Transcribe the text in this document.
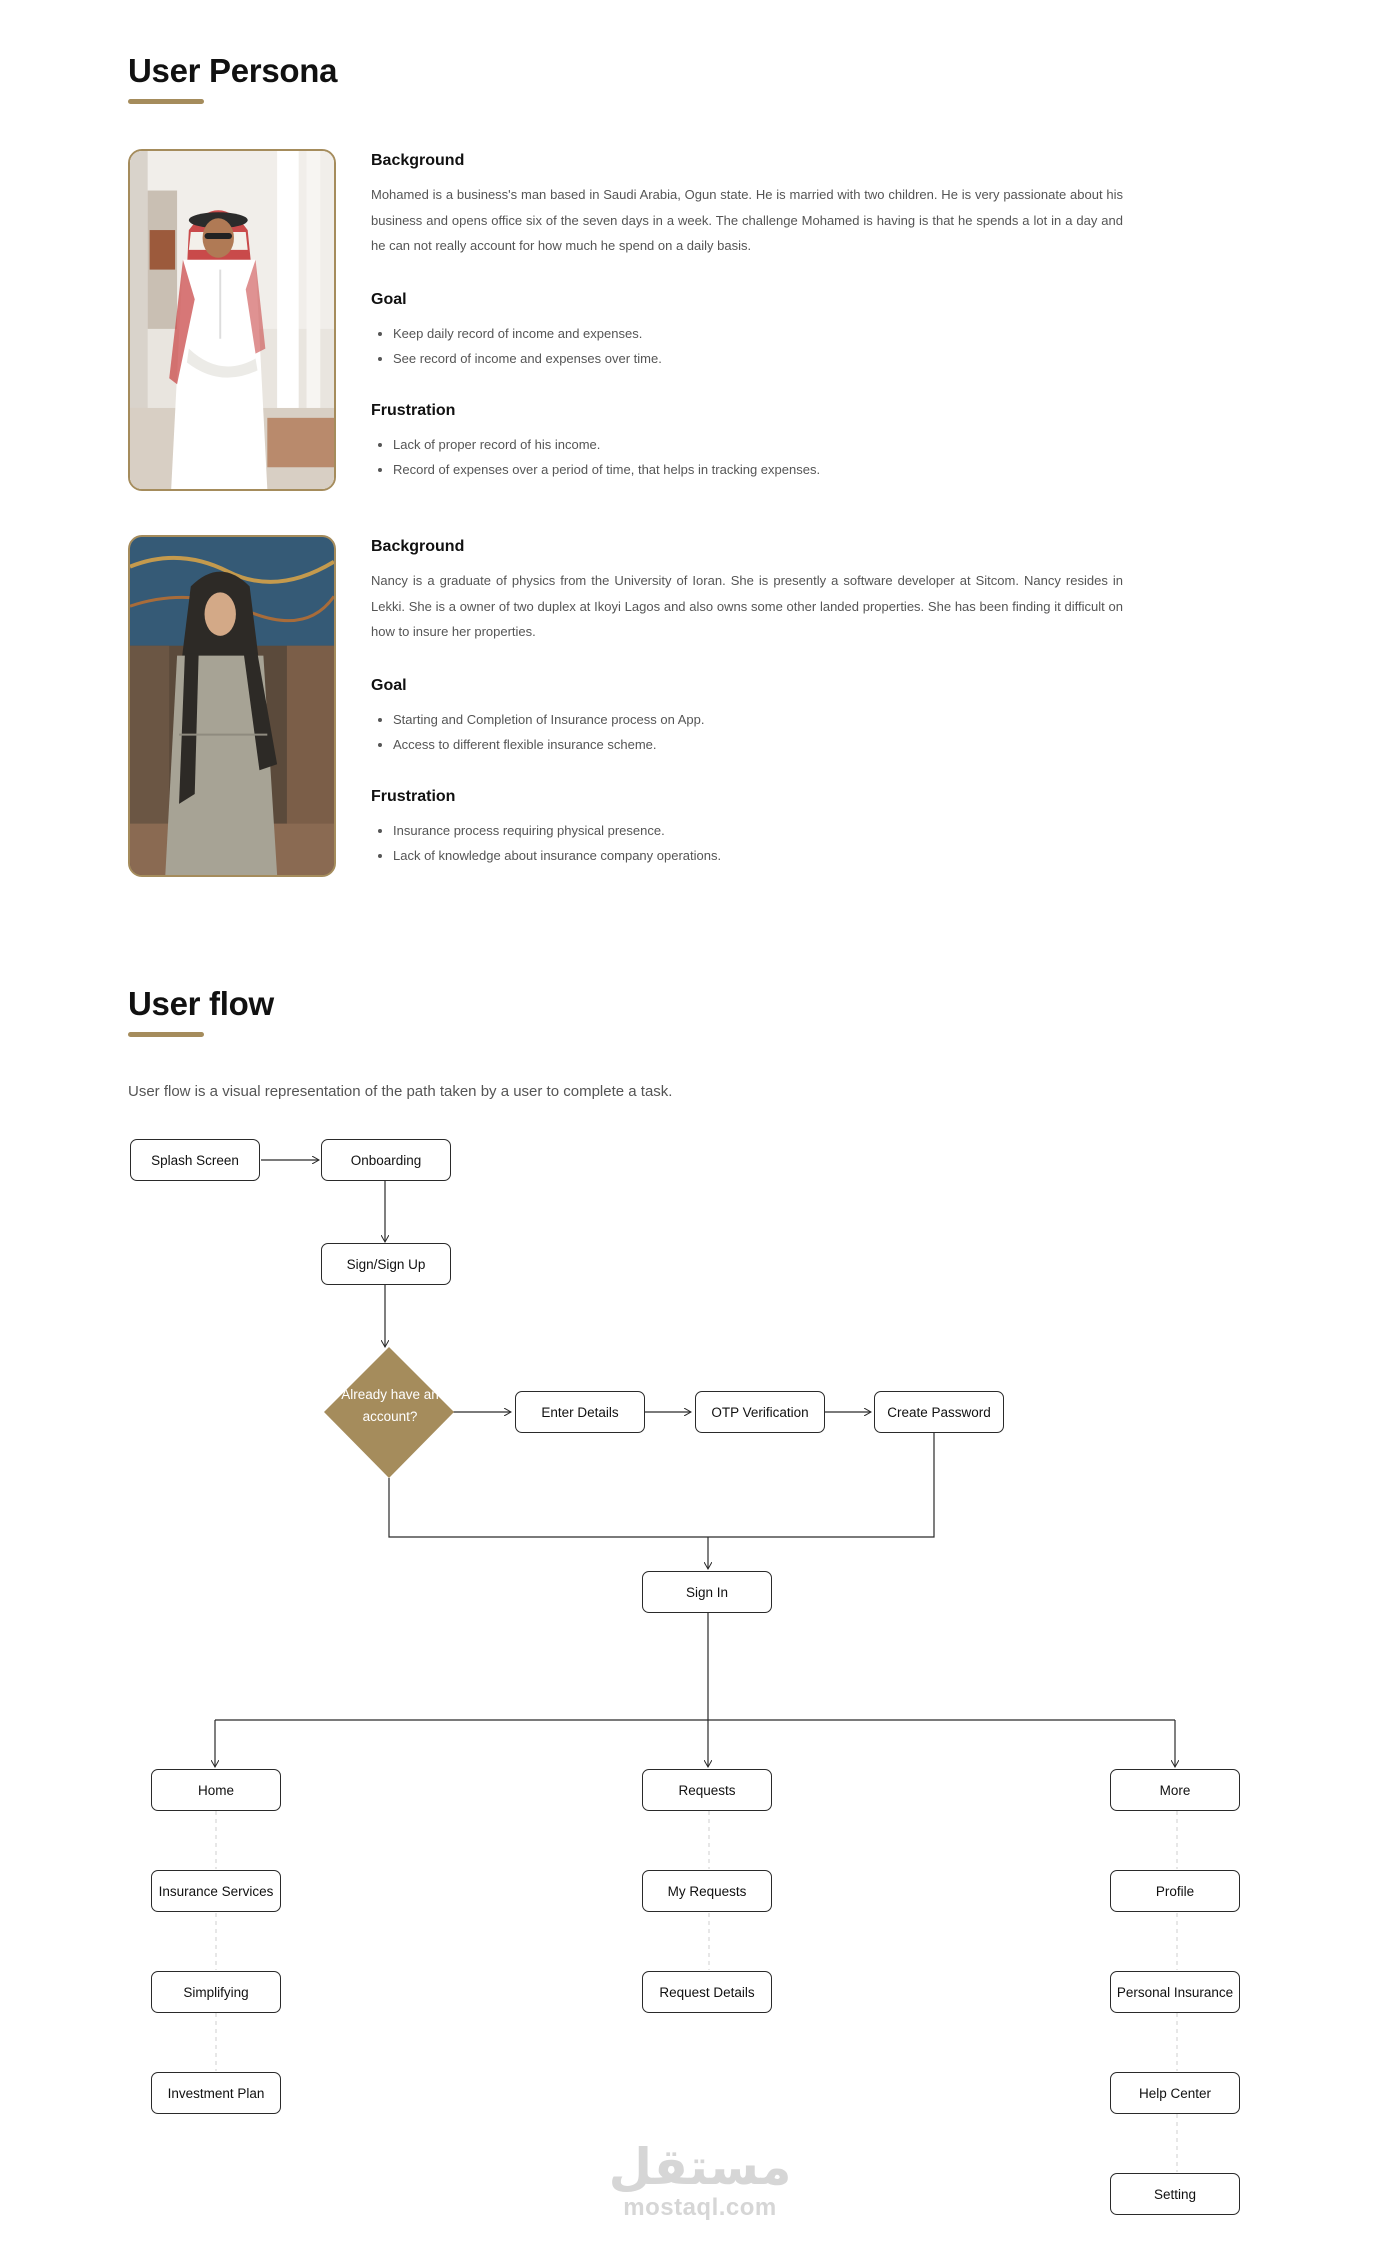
User Persona
Background

Mohamed is a business's man based in Saudi Arabia, Ogun state. He is married with two children. He is very passionate about his business and opens office six of the seven days in a week. The challenge Mohamed is having is that he spends a lot in a day and he can not really account for how much he spend on a daily basis.

Goal
• Keep daily record of income and expenses.
• See record of income and expenses over time.
Frustration
• Lack of proper record of his income.
• Record of expenses over a period of time, that helps in tracking expenses.
Background

Nancy is a graduate of physics from the University of Ioran. She is presently a software developer at Sitcom. Nancy resides in Lekki. She is a owner of two duplex at Ikoyi Lagos and also owns some other landed properties. She has been finding it difficult on how to insure her properties.

Goal
• Starting and Completion of Insurance process on App.
• Access to different flexible insurance scheme.
Frustration
• Insurance process requiring physical presence.
• Lack of knowledge about insurance company operations.
User flow

User flow is a visual representation of the path taken by a user to complete a task.

Already have an account?
Splash Screen	Onboarding
Sign/Sign Up
Enter Details	OTP Verification	Create Password
Sign In
Home	Requests	More
Insurance Services
Simplifying
Investment Plan
My Requests
Request Details
Profile
Personal Insurance
Help Center
Setting
مستقل
mostaql.com
